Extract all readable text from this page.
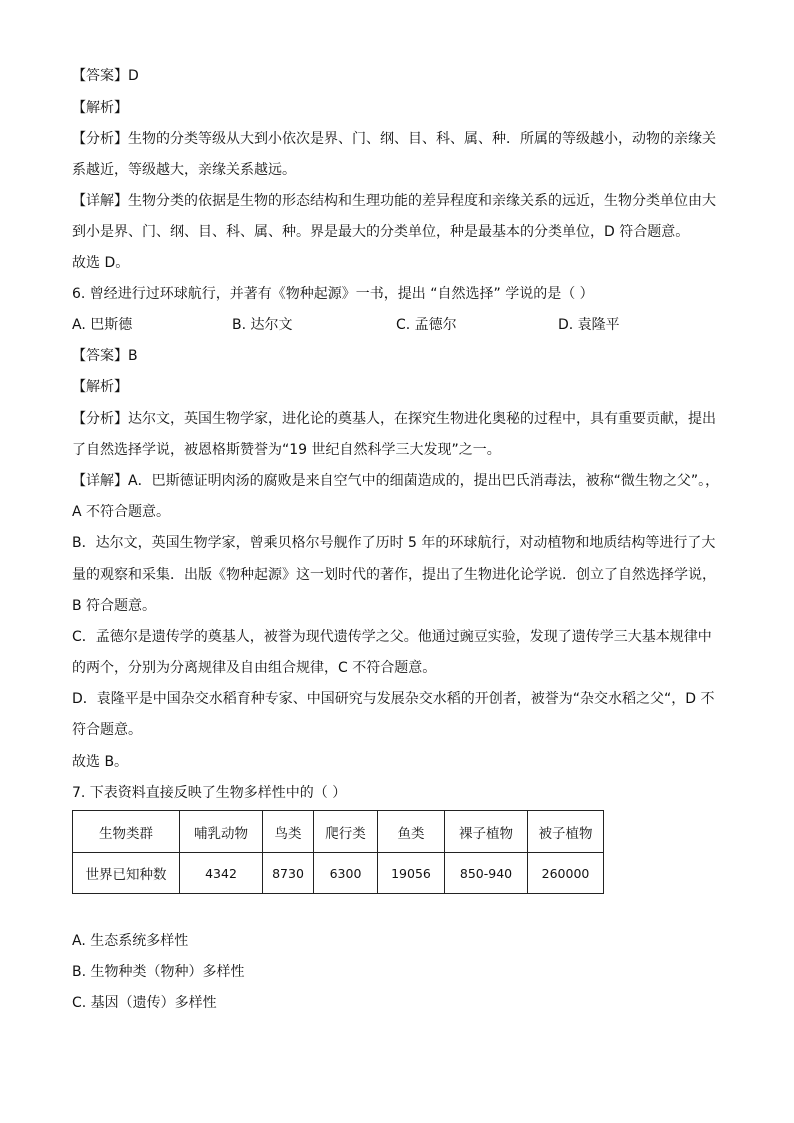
【答案】D
【解析】
【分析】生物的分类等级从大到小依次是界、门、纲、目、科、属、种．所属的等级越小，动物的亲缘关
系越近，等级越大，亲缘关系越远。
【详解】生物分类的依据是生物的形态结构和生理功能的差异程度和亲缘关系的远近，生物分类单位由大
到小是界、门、纲、目、科、属、种。界是最大的分类单位，种是最基本的分类单位，D 符合题意。
故选 D。
6. 曾经进行过环球航行，并著有《物种起源》一书，提出 “自然选择” 学说的是（ ）
A. 巴斯德	B. 达尔文	C. 孟德尔	D. 袁隆平
【答案】B
【解析】
【分析】达尔文，英国生物学家，进化论的奠基人，在探究生物进化奥秘的过程中，具有重要贡献，提出
了自然选择学说，被恩格斯赞誉为“19 世纪自然科学三大发现”之一。
【详解】A．巴斯德证明肉汤的腐败是来自空气中的细菌造成的，提出巴氏消毒法，被称“微生物之父”。，
A 不符合题意。
B．达尔文，英国生物学家，曾乘贝格尔号舰作了历时 5 年的环球航行，对动植物和地质结构等进行了大
量的观察和采集．出版《物种起源》这一划时代的著作，提出了生物进化论学说．创立了自然选择学说，
B 符合题意。
C．孟德尔是遗传学的奠基人，被誉为现代遗传学之父。他通过豌豆实验，发现了遗传学三大基本规律中
的两个，分别为分离规律及自由组合规律，C 不符合题意。
D．袁隆平是中国杂交水稻育种专家、中国研究与发展杂交水稻的开创者，被誉为“杂交水稻之父“，D 不
符合题意。
故选 B。
7. 下表资料直接反映了生物多样性中的（ ）
生物类群	哺乳动物	鸟类	爬行类	鱼类	裸子植物	被子植物
世界已知种数	4342	8730	6300	19056	850-940	260000
A. 生态系统多样性
B. 生物种类（物种）多样性
C. 基因（遗传）多样性
